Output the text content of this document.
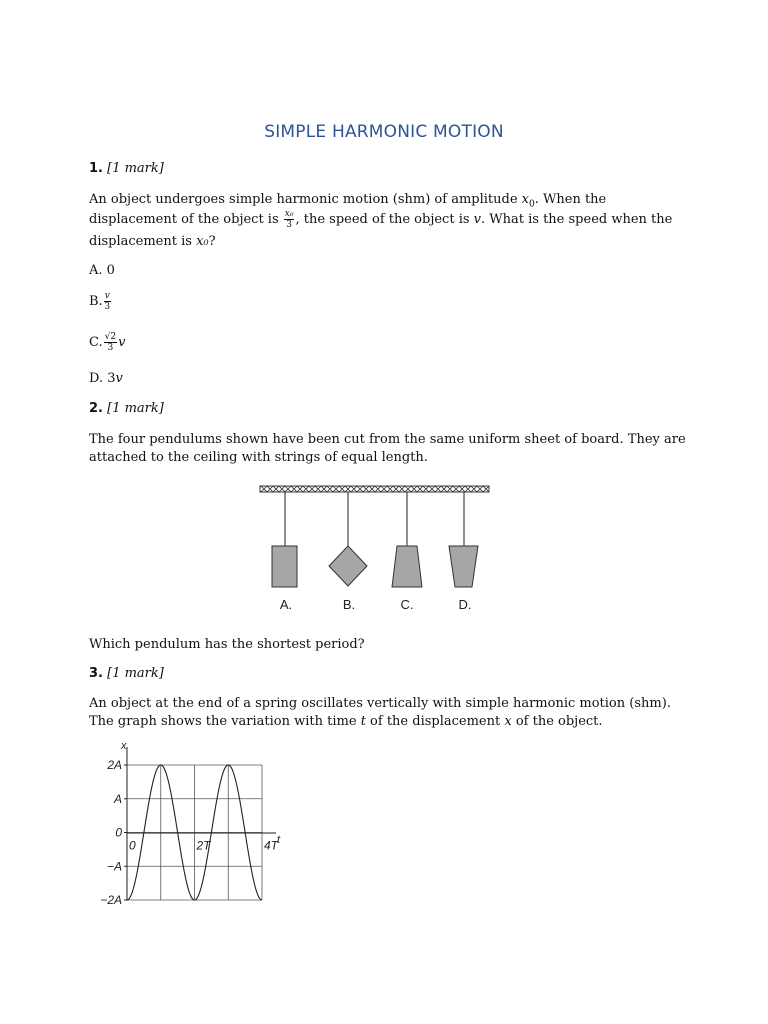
SIMPLE HARMONIC MOTION
1. [1 mark]
An object undergoes simple harmonic motion (shm) of amplitude $x_0$. When the
displacement of the object is $\frac{\text{x₀}}{3}$ , the speed of the object is v. What is the speed when the
displacement is x₀?
A. 0
B. $\frac{v}{3}$
C. $\frac{√2}{3}$ v
D. 3v
2. [1 mark]
The four pendulums shown have been cut from the same uniform sheet of board. They are
attached to the ceiling with strings of equal length.
A.	B.	C.	D.
Which pendulum has the shortest period?
3. [1 mark]
An object at the end of a spring oscillates vertically with simple harmonic motion (shm).
The graph shows the variation with time t of the displacement x of the object.
x
t
2A
A
0
−A
−2A
0	2T	4T
